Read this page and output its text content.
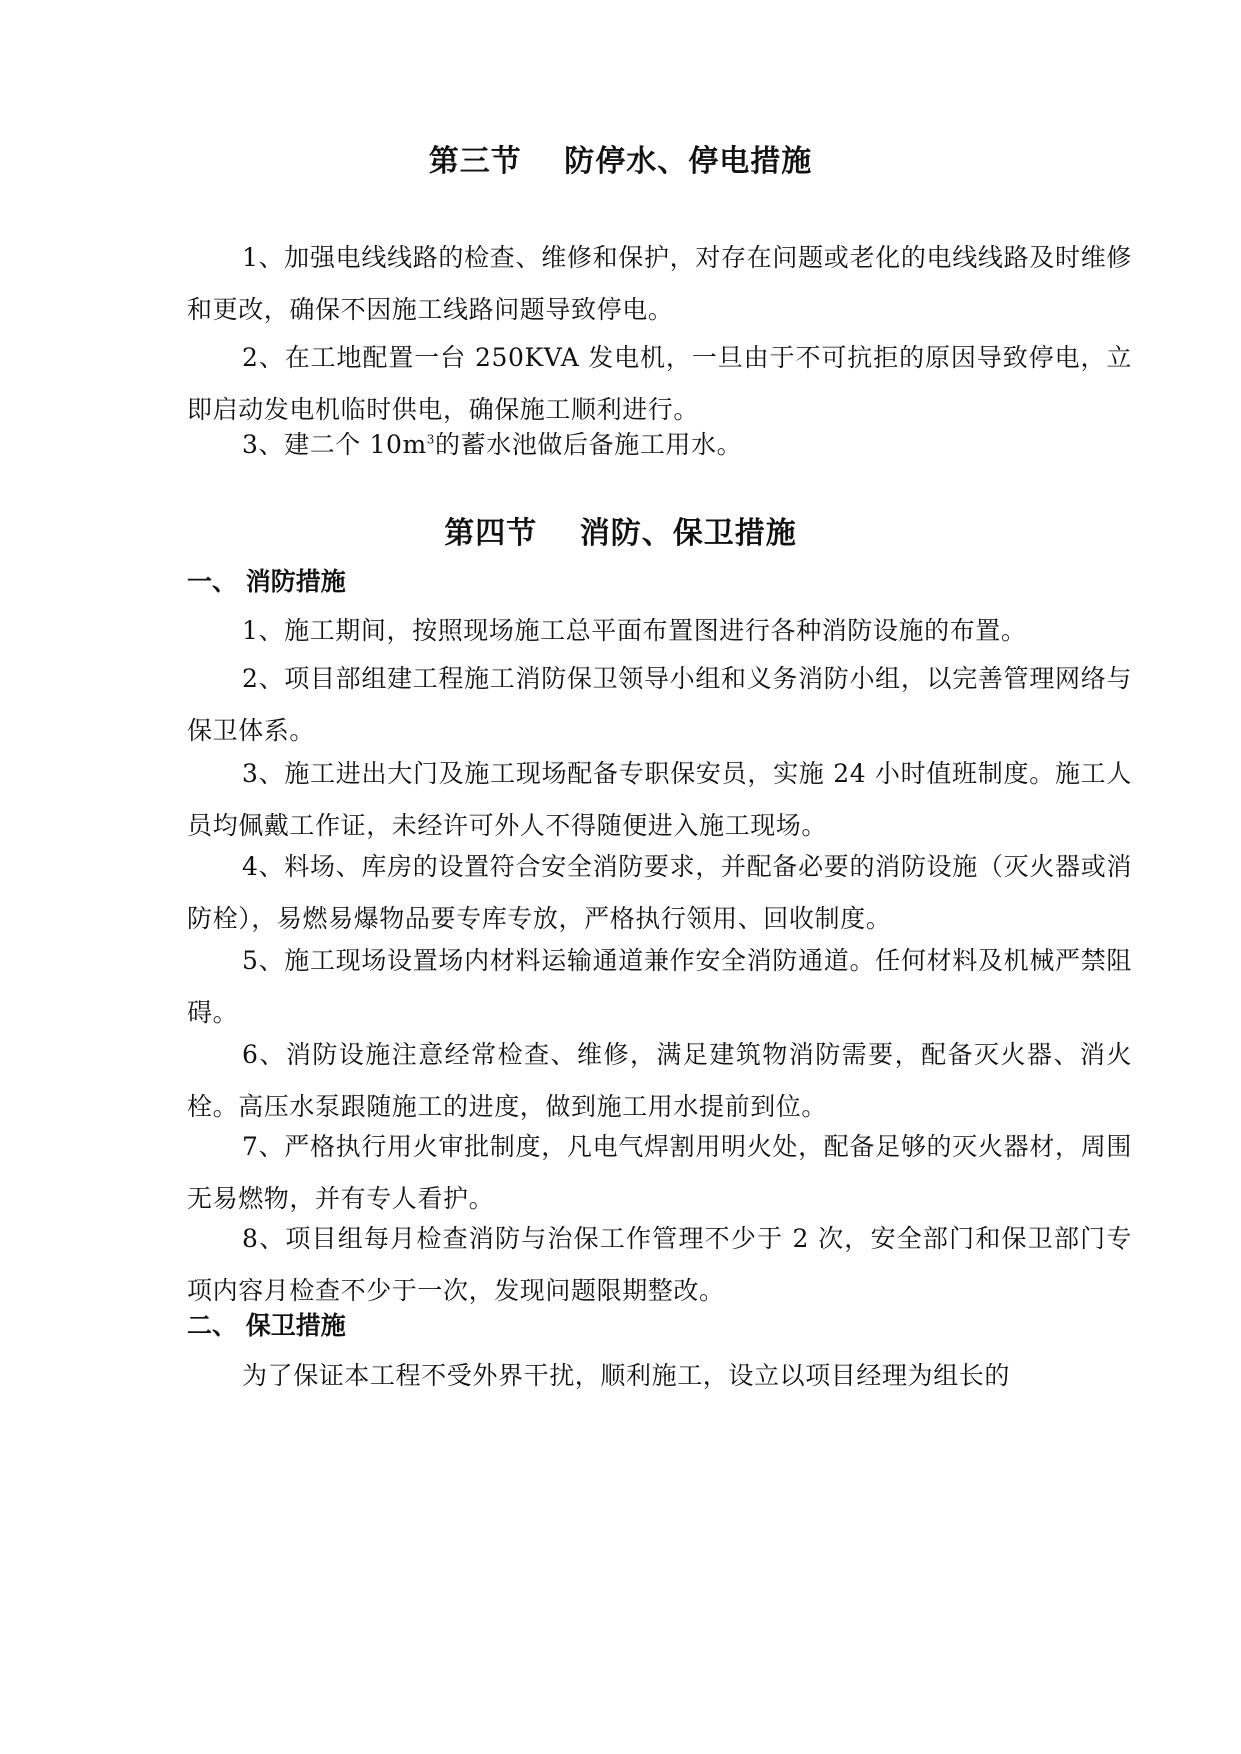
第三节　 防停水、停电措施

1、加强电线线路的检查、维修和保护，对存在问题或老化的电线线路及时维修和更改，确保不因施工线路问题导致停电。

2、在工地配置一台 250KVA 发电机，一旦由于不可抗拒的原因导致停电，立即启动发电机临时供电，确保施工顺利进行。

3、建二个 $10m^3$的蓄水池做后备施工用水。

第四节　 消防、保卫措施
一、 消防措施

1、施工期间，按照现场施工总平面布置图进行各种消防设施的布置。

2、项目部组建工程施工消防保卫领导小组和义务消防小组，以完善管理网络与保卫体系。

3、施工进出大门及施工现场配备专职保安员，实施 24 小时值班制度。施工人员均佩戴工作证，未经许可外人不得随便进入施工现场。

4、料场、库房的设置符合安全消防要求，并配备必要的消防设施（灭火器或消防栓），易燃易爆物品要专库专放，严格执行领用、回收制度。

5、施工现场设置场内材料运输通道兼作安全消防通道。任何材料及机械严禁阻碍。

6、消防设施注意经常检查、维修，满足建筑物消防需要，配备灭火器、消火栓。高压水泵跟随施工的进度，做到施工用水提前到位。

7、严格执行用火审批制度，凡电气焊割用明火处，配备足够的灭火器材，周围无易燃物，并有专人看护。

8、项目组每月检查消防与治保工作管理不少于 2 次，安全部门和保卫部门专项内容月检查不少于一次，发现问题限期整改。

二、 保卫措施

为了保证本工程不受外界干扰，顺利施工，设立以项目经理为组长的
